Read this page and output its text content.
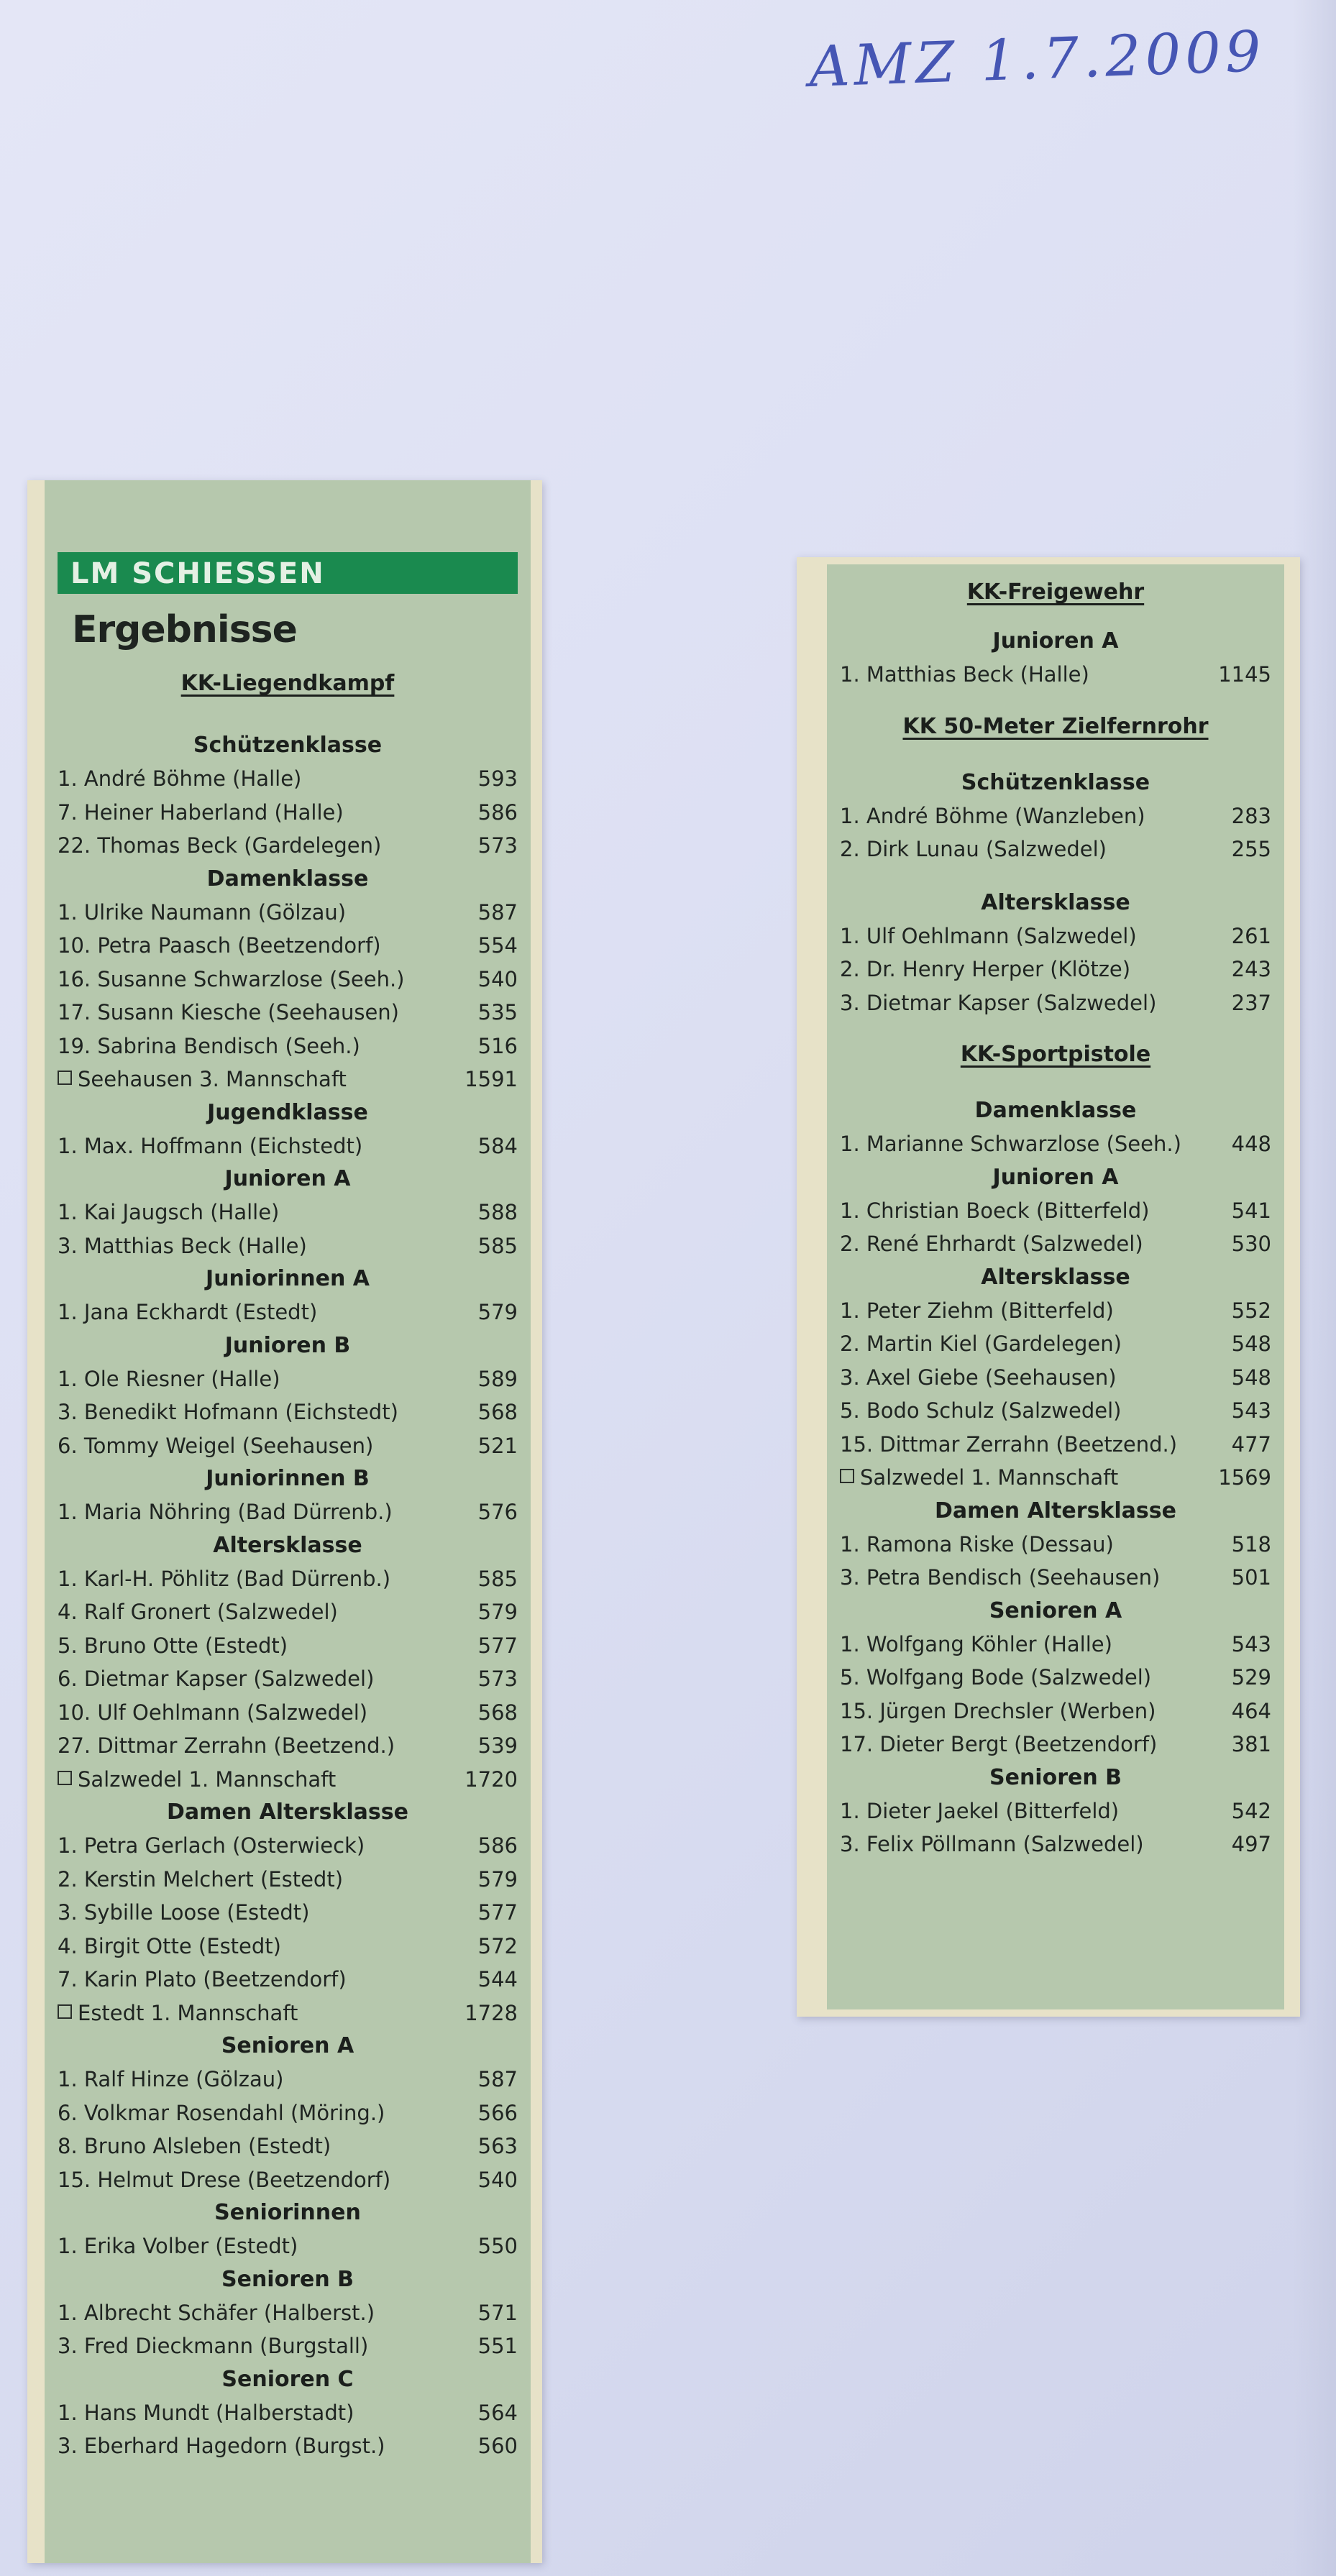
AMZ 1.7.2009
LM SCHIESSEN
Ergebnisse
KK-Liegendkampf
Schützenklasse
1. André Böhme (Halle)	593
7. Heiner Haberland (Halle)	586
22. Thomas Beck (Gardelegen)	573
Damenklasse
1. Ulrike Naumann (Gölzau)	587
10. Petra Paasch (Beetzendorf)	554
16. Susanne Schwarzlose (Seeh.)	540
17. Susann Kiesche (Seehausen)	535
19. Sabrina Bendisch (Seeh.)	516
Seehausen 3. Mannschaft	1591
Jugendklasse
1. Max. Hoffmann (Eichstedt)	584
Junioren A
1. Kai Jaugsch (Halle)	588
3. Matthias Beck (Halle)	585
Juniorinnen A
1. Jana Eckhardt (Estedt)	579
Junioren B
1. Ole Riesner (Halle)	589
3. Benedikt Hofmann (Eichstedt)	568
6. Tommy Weigel (Seehausen)	521
Juniorinnen B
1. Maria Nöhring (Bad Dürrenb.)	576
Altersklasse
1. Karl-H. Pöhlitz (Bad Dürrenb.)	585
4. Ralf Gronert (Salzwedel)	579
5. Bruno Otte (Estedt)	577
6. Dietmar Kapser (Salzwedel)	573
10. Ulf Oehlmann (Salzwedel)	568
27. Dittmar Zerrahn (Beetzend.)	539
Salzwedel 1. Mannschaft	1720
Damen Altersklasse
1. Petra Gerlach (Osterwieck)	586
2. Kerstin Melchert (Estedt)	579
3. Sybille Loose (Estedt)	577
4. Birgit Otte (Estedt)	572
7. Karin Plato (Beetzendorf)	544
Estedt 1. Mannschaft	1728
Senioren A
1. Ralf Hinze (Gölzau)	587
6. Volkmar Rosendahl (Möring.)	566
8. Bruno Alsleben (Estedt)	563
15. Helmut Drese (Beetzendorf)	540
Seniorinnen
1. Erika Volber (Estedt)	550
Senioren B
1. Albrecht Schäfer (Halberst.)	571
3. Fred Dieckmann (Burgstall)	551
Senioren C
1. Hans Mundt (Halberstadt)	564
3. Eberhard Hagedorn (Burgst.)	560
KK-Freigewehr
Junioren A
1. Matthias Beck (Halle)	1145
KK 50-Meter Zielfernrohr
Schützenklasse
1. André Böhme (Wanzleben)	283
2. Dirk Lunau (Salzwedel)	255
Altersklasse
1. Ulf Oehlmann (Salzwedel)	261
2. Dr. Henry Herper (Klötze)	243
3. Dietmar Kapser (Salzwedel)	237
KK-Sportpistole
Damenklasse
1. Marianne Schwarzlose (Seeh.) 448
Junioren A
1. Christian Boeck (Bitterfeld)	541
2. René Ehrhardt (Salzwedel)	530
Altersklasse
1. Peter Ziehm (Bitterfeld)	552
2. Martin Kiel (Gardelegen)	548
3. Axel Giebe (Seehausen)	548
5. Bodo Schulz (Salzwedel)	543
15. Dittmar Zerrahn (Beetzend.)	477
Salzwedel 1. Mannschaft	1569
Damen Altersklasse
1. Ramona Riske (Dessau)	518
3. Petra Bendisch (Seehausen)	501
Senioren A
1. Wolfgang Köhler (Halle)	543
5. Wolfgang Bode (Salzwedel)	529
15. Jürgen Drechsler (Werben)	464
17. Dieter Bergt (Beetzendorf)	381
Senioren B
1. Dieter Jaekel (Bitterfeld)	542
3. Felix Pöllmann (Salzwedel)	497
